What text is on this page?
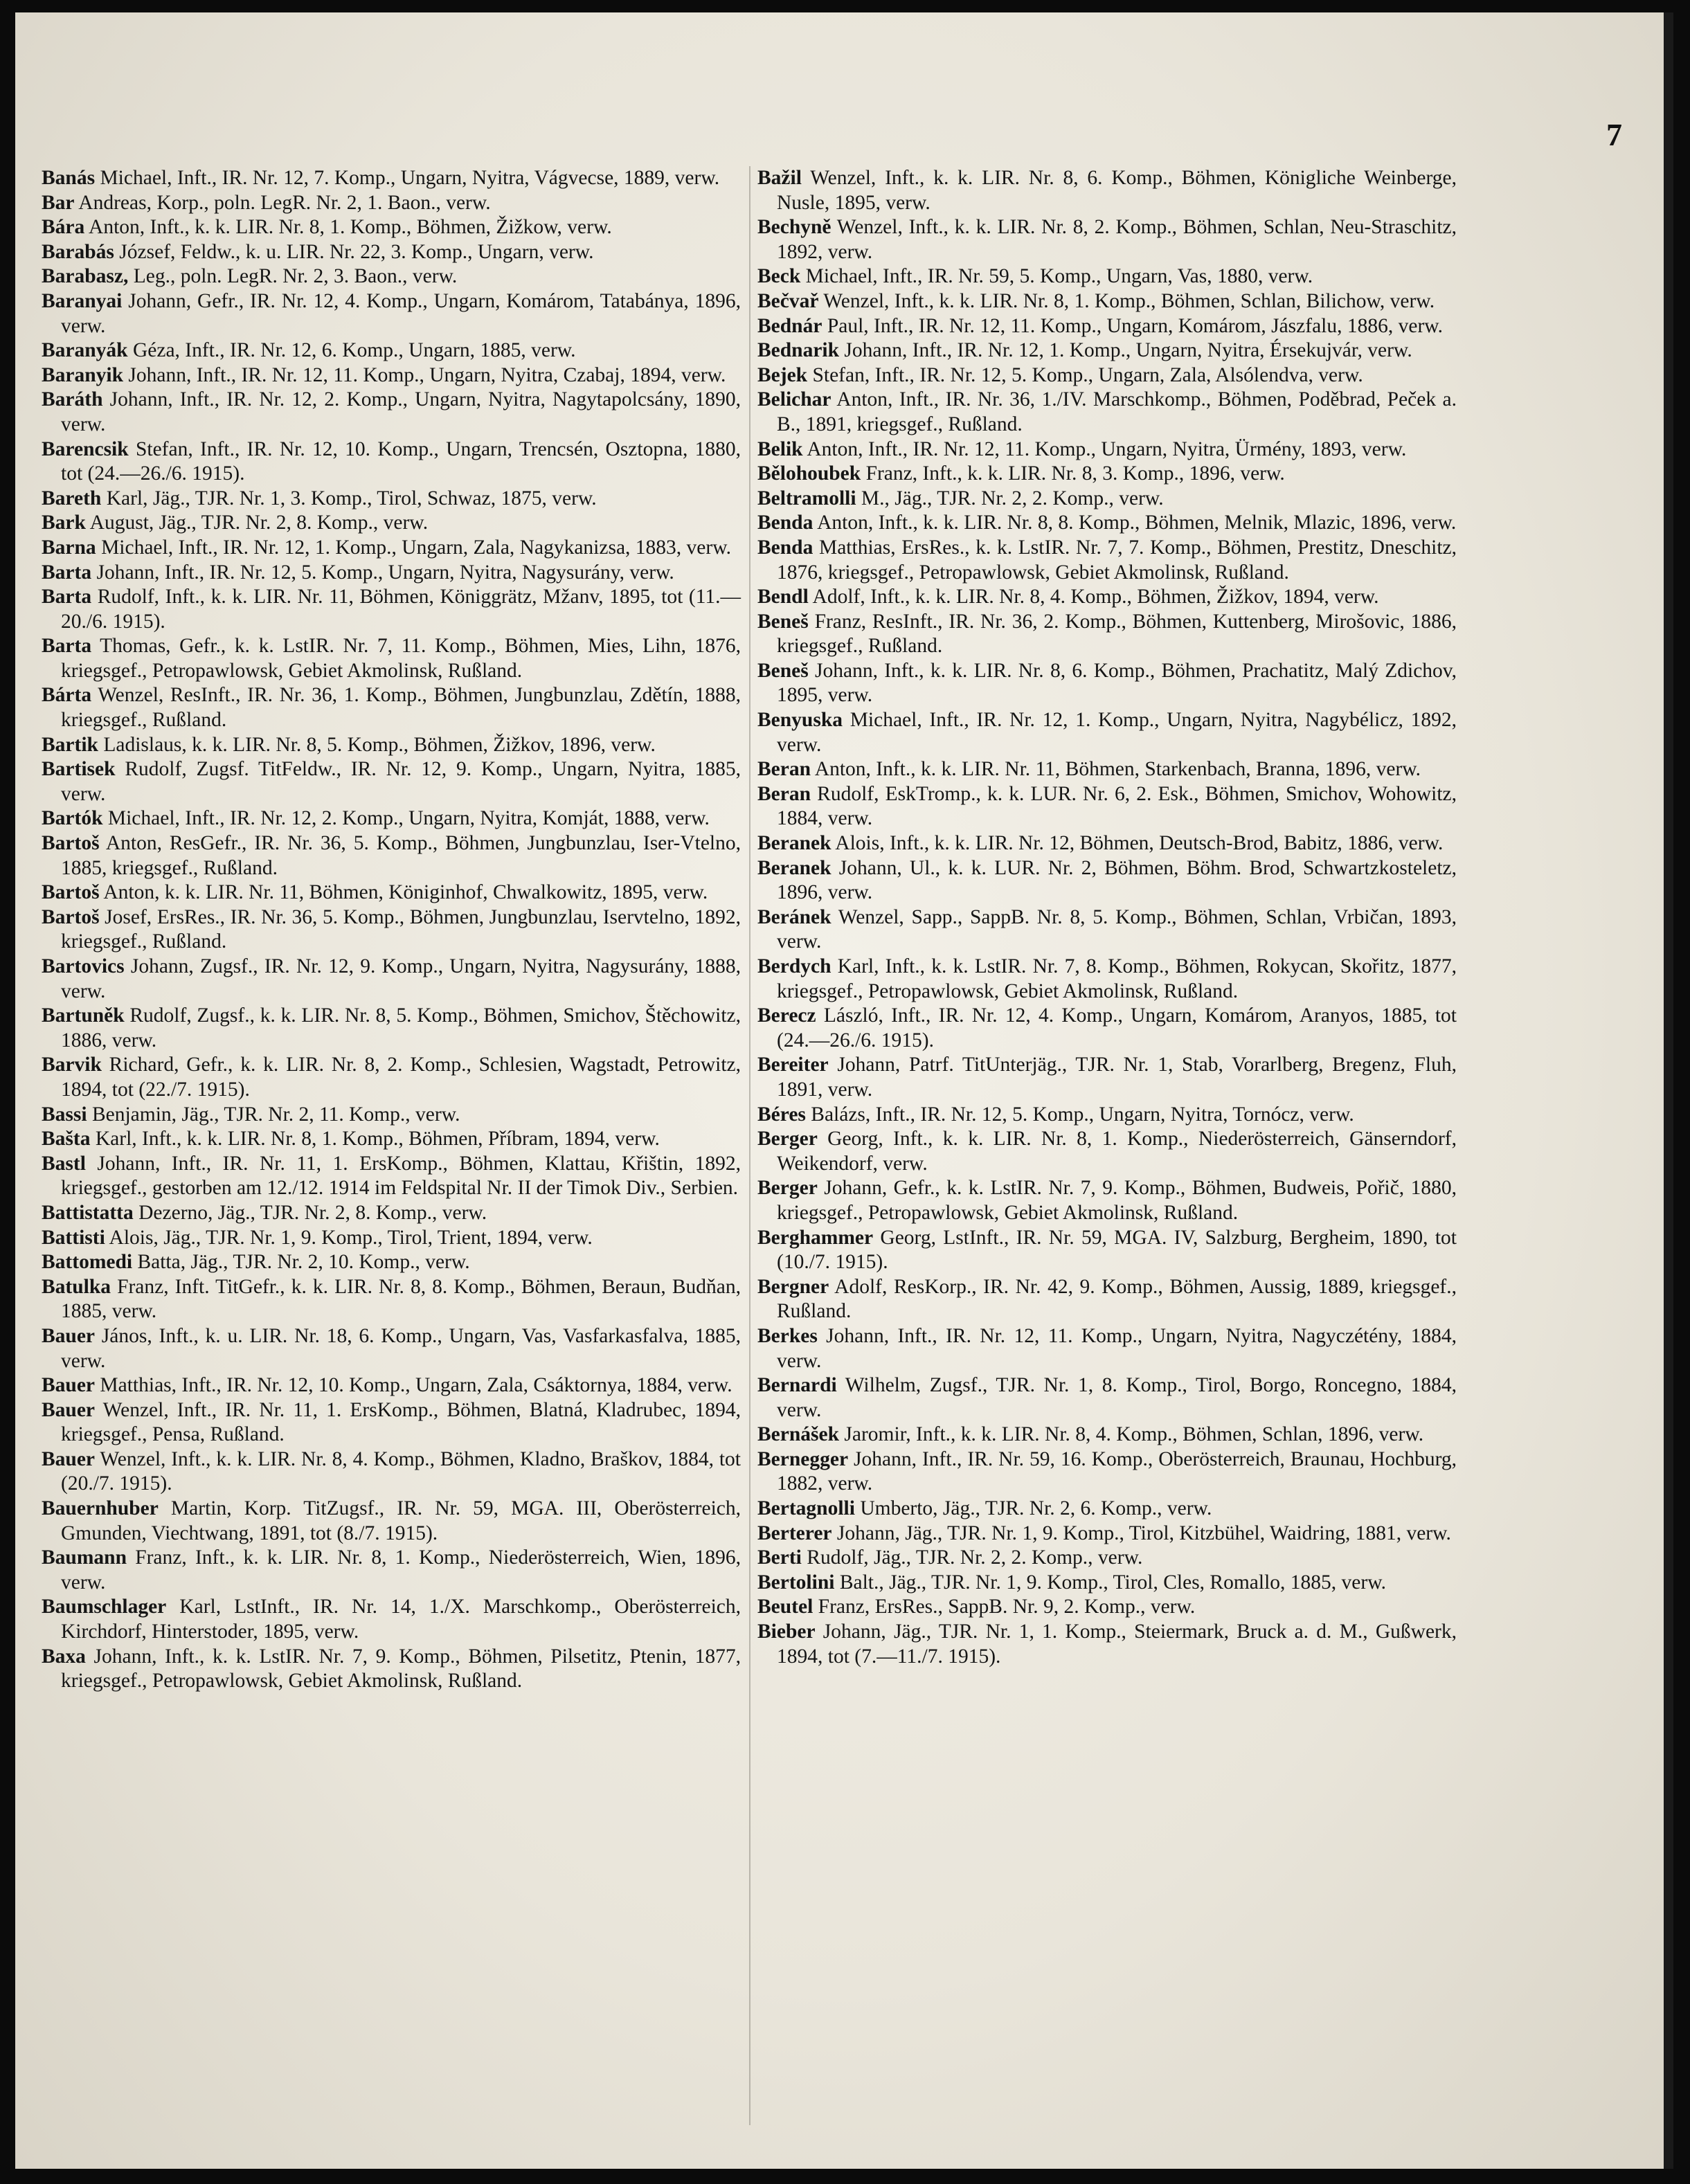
7

Banás Michael, Inft., IR. Nr. 12, 7. Komp., Ungarn, Nyitra, Vágvecse, 1889, verw.

Bar Andreas, Korp., poln. LegR. Nr. 2, 1. Baon., verw.

Bára Anton, Inft., k. k. LIR. Nr. 8, 1. Komp., Böhmen, Žižkow, verw.

Barabás József, Feldw., k. u. LIR. Nr. 22, 3. Komp., Ungarn, verw.

Barabasz, Leg., poln. LegR. Nr. 2, 3. Baon., verw.

Baranyai Johann, Gefr., IR. Nr. 12, 4. Komp., Ungarn, Komárom, Tatabánya, 1896, verw.

Baranyák Géza, Inft., IR. Nr. 12, 6. Komp., Ungarn, 1885, verw.

Baranyik Johann, Inft., IR. Nr. 12, 11. Komp., Ungarn, Nyitra, Czabaj, 1894, verw.

Baráth Johann, Inft., IR. Nr. 12, 2. Komp., Ungarn, Nyitra, Nagytapolcsány, 1890, verw.

Barencsik Stefan, Inft., IR. Nr. 12, 10. Komp., Ungarn, Trencsén, Osztopna, 1880, tot (24.—26./6. 1915).

Bareth Karl, Jäg., TJR. Nr. 1, 3. Komp., Tirol, Schwaz, 1875, verw.

Bark August, Jäg., TJR. Nr. 2, 8. Komp., verw.

Barna Michael, Inft., IR. Nr. 12, 1. Komp., Ungarn, Zala, Nagykanizsa, 1883, verw.

Barta Johann, Inft., IR. Nr. 12, 5. Komp., Ungarn, Nyitra, Nagysurány, verw.

Barta Rudolf, Inft., k. k. LIR. Nr. 11, Böhmen, Königgrätz, Mžanv, 1895, tot (11.—20./6. 1915).

Barta Thomas, Gefr., k. k. LstIR. Nr. 7, 11. Komp., Böhmen, Mies, Lihn, 1876, kriegsgef., Petropawlowsk, Gebiet Akmolinsk, Rußland.

Bárta Wenzel, ResInft., IR. Nr. 36, 1. Komp., Böhmen, Jungbunzlau, Zdětín, 1888, kriegsgef., Rußland.

Bartik Ladislaus, k. k. LIR. Nr. 8, 5. Komp., Böhmen, Žižkov, 1896, verw.

Bartisek Rudolf, Zugsf. TitFeldw., IR. Nr. 12, 9. Komp., Ungarn, Nyitra, 1885, verw.

Bartók Michael, Inft., IR. Nr. 12, 2. Komp., Ungarn, Nyitra, Komját, 1888, verw.

Bartoš Anton, ResGefr., IR. Nr. 36, 5. Komp., Böhmen, Jungbunzlau, Iser-Vtelno, 1885, kriegsgef., Rußland.

Bartoš Anton, k. k. LIR. Nr. 11, Böhmen, Königinhof, Chwalkowitz, 1895, verw.

Bartoš Josef, ErsRes., IR. Nr. 36, 5. Komp., Böhmen, Jungbunzlau, Iservtelno, 1892, kriegsgef., Rußland.

Bartovics Johann, Zugsf., IR. Nr. 12, 9. Komp., Ungarn, Nyitra, Nagysurány, 1888, verw.

Bartuněk Rudolf, Zugsf., k. k. LIR. Nr. 8, 5. Komp., Böhmen, Smichov, Štěchowitz, 1886, verw.

Barvik Richard, Gefr., k. k. LIR. Nr. 8, 2. Komp., Schlesien, Wagstadt, Petrowitz, 1894, tot (22./7. 1915).

Bassi Benjamin, Jäg., TJR. Nr. 2, 11. Komp., verw.

Bašta Karl, Inft., k. k. LIR. Nr. 8, 1. Komp., Böhmen, Příbram, 1894, verw.

Bastl Johann, Inft., IR. Nr. 11, 1. ErsKomp., Böhmen, Klattau, Křištin, 1892, kriegsgef., gestorben am 12./12. 1914 im Feldspital Nr. II der Timok Div., Serbien.

Battistatta Dezerno, Jäg., TJR. Nr. 2, 8. Komp., verw.

Battisti Alois, Jäg., TJR. Nr. 1, 9. Komp., Tirol, Trient, 1894, verw.

Battomedi Batta, Jäg., TJR. Nr. 2, 10. Komp., verw.

Batulka Franz, Inft. TitGefr., k. k. LIR. Nr. 8, 8. Komp., Böhmen, Beraun, Budňan, 1885, verw.

Bauer János, Inft., k. u. LIR. Nr. 18, 6. Komp., Ungarn, Vas, Vasfarkasfalva, 1885, verw.

Bauer Matthias, Inft., IR. Nr. 12, 10. Komp., Ungarn, Zala, Csáktornya, 1884, verw.

Bauer Wenzel, Inft., IR. Nr. 11, 1. ErsKomp., Böhmen, Blatná, Kladrubec, 1894, kriegsgef., Pensa, Rußland.

Bauer Wenzel, Inft., k. k. LIR. Nr. 8, 4. Komp., Böhmen, Kladno, Braškov, 1884, tot (20./7. 1915).

Bauernhuber Martin, Korp. TitZugsf., IR. Nr. 59, MGA. III, Oberösterreich, Gmunden, Viechtwang, 1891, tot (8./7. 1915).

Baumann Franz, Inft., k. k. LIR. Nr. 8, 1. Komp., Niederösterreich, Wien, 1896, verw.

Baumschlager Karl, LstInft., IR. Nr. 14, 1./X. Marschkomp., Oberösterreich, Kirchdorf, Hinterstoder, 1895, verw.

Baxa Johann, Inft., k. k. LstIR. Nr. 7, 9. Komp., Böhmen, Pilsetitz, Ptenin, 1877, kriegsgef., Petropawlowsk, Gebiet Akmolinsk, Rußland.

Bažil Wenzel, Inft., k. k. LIR. Nr. 8, 6. Komp., Böhmen, Königliche Weinberge, Nusle, 1895, verw.

Bechyně Wenzel, Inft., k. k. LIR. Nr. 8, 2. Komp., Böhmen, Schlan, Neu-Straschitz, 1892, verw.

Beck Michael, Inft., IR. Nr. 59, 5. Komp., Ungarn, Vas, 1880, verw.

Bečvař Wenzel, Inft., k. k. LIR. Nr. 8, 1. Komp., Böhmen, Schlan, Bilichow, verw.

Bednár Paul, Inft., IR. Nr. 12, 11. Komp., Ungarn, Komárom, Jászfalu, 1886, verw.

Bednarik Johann, Inft., IR. Nr. 12, 1. Komp., Ungarn, Nyitra, Érsekujvár, verw.

Bejek Stefan, Inft., IR. Nr. 12, 5. Komp., Ungarn, Zala, Alsólendva, verw.

Belichar Anton, Inft., IR. Nr. 36, 1./IV. Marschkomp., Böhmen, Poděbrad, Peček a. B., 1891, kriegsgef., Rußland.

Belik Anton, Inft., IR. Nr. 12, 11. Komp., Ungarn, Nyitra, Ürmény, 1893, verw.

Bělohoubek Franz, Inft., k. k. LIR. Nr. 8, 3. Komp., 1896, verw.

Beltramolli M., Jäg., TJR. Nr. 2, 2. Komp., verw.

Benda Anton, Inft., k. k. LIR. Nr. 8, 8. Komp., Böhmen, Melnik, Mlazic, 1896, verw.

Benda Matthias, ErsRes., k. k. LstIR. Nr. 7, 7. Komp., Böhmen, Prestitz, Dneschitz, 1876, kriegsgef., Petropawlowsk, Gebiet Akmolinsk, Rußland.

Bendl Adolf, Inft., k. k. LIR. Nr. 8, 4. Komp., Böhmen, Žižkov, 1894, verw.

Beneš Franz, ResInft., IR. Nr. 36, 2. Komp., Böhmen, Kuttenberg, Mirošovic, 1886, kriegsgef., Rußland.

Beneš Johann, Inft., k. k. LIR. Nr. 8, 6. Komp., Böhmen, Prachatitz, Malý Zdichov, 1895, verw.

Benyuska Michael, Inft., IR. Nr. 12, 1. Komp., Ungarn, Nyitra, Nagybélicz, 1892, verw.

Beran Anton, Inft., k. k. LIR. Nr. 11, Böhmen, Starkenbach, Branna, 1896, verw.

Beran Rudolf, EskTromp., k. k. LUR. Nr. 6, 2. Esk., Böhmen, Smichov, Wohowitz, 1884, verw.

Beranek Alois, Inft., k. k. LIR. Nr. 12, Böhmen, Deutsch-Brod, Babitz, 1886, verw.

Beranek Johann, Ul., k. k. LUR. Nr. 2, Böhmen, Böhm. Brod, Schwartzkosteletz, 1896, verw.

Beránek Wenzel, Sapp., SappB. Nr. 8, 5. Komp., Böhmen, Schlan, Vrbičan, 1893, verw.

Berdych Karl, Inft., k. k. LstIR. Nr. 7, 8. Komp., Böhmen, Rokycan, Skořitz, 1877, kriegsgef., Petropawlowsk, Gebiet Akmolinsk, Rußland.

Berecz László, Inft., IR. Nr. 12, 4. Komp., Ungarn, Komárom, Aranyos, 1885, tot (24.—26./6. 1915).

Bereiter Johann, Patrf. TitUnterjäg., TJR. Nr. 1, Stab, Vorarlberg, Bregenz, Fluh, 1891, verw.

Béres Balázs, Inft., IR. Nr. 12, 5. Komp., Ungarn, Nyitra, Tornócz, verw.

Berger Georg, Inft., k. k. LIR. Nr. 8, 1. Komp., Niederösterreich, Gänserndorf, Weikendorf, verw.

Berger Johann, Gefr., k. k. LstIR. Nr. 7, 9. Komp., Böhmen, Budweis, Pořič, 1880, kriegsgef., Petropawlowsk, Gebiet Akmolinsk, Rußland.

Berghammer Georg, LstInft., IR. Nr. 59, MGA. IV, Salzburg, Bergheim, 1890, tot (10./7. 1915).

Bergner Adolf, ResKorp., IR. Nr. 42, 9. Komp., Böhmen, Aussig, 1889, kriegsgef., Rußland.

Berkes Johann, Inft., IR. Nr. 12, 11. Komp., Ungarn, Nyitra, Nagyczétény, 1884, verw.

Bernardi Wilhelm, Zugsf., TJR. Nr. 1, 8. Komp., Tirol, Borgo, Roncegno, 1884, verw.

Bernášek Jaromir, Inft., k. k. LIR. Nr. 8, 4. Komp., Böhmen, Schlan, 1896, verw.

Bernegger Johann, Inft., IR. Nr. 59, 16. Komp., Oberösterreich, Braunau, Hochburg, 1882, verw.

Bertagnolli Umberto, Jäg., TJR. Nr. 2, 6. Komp., verw.

Berterer Johann, Jäg., TJR. Nr. 1, 9. Komp., Tirol, Kitzbühel, Waidring, 1881, verw.

Berti Rudolf, Jäg., TJR. Nr. 2, 2. Komp., verw.

Bertolini Balt., Jäg., TJR. Nr. 1, 9. Komp., Tirol, Cles, Romallo, 1885, verw.

Beutel Franz, ErsRes., SappB. Nr. 9, 2. Komp., verw.

Bieber Johann, Jäg., TJR. Nr. 1, 1. Komp., Steiermark, Bruck a. d. M., Gußwerk, 1894, tot (7.—11./7. 1915).
